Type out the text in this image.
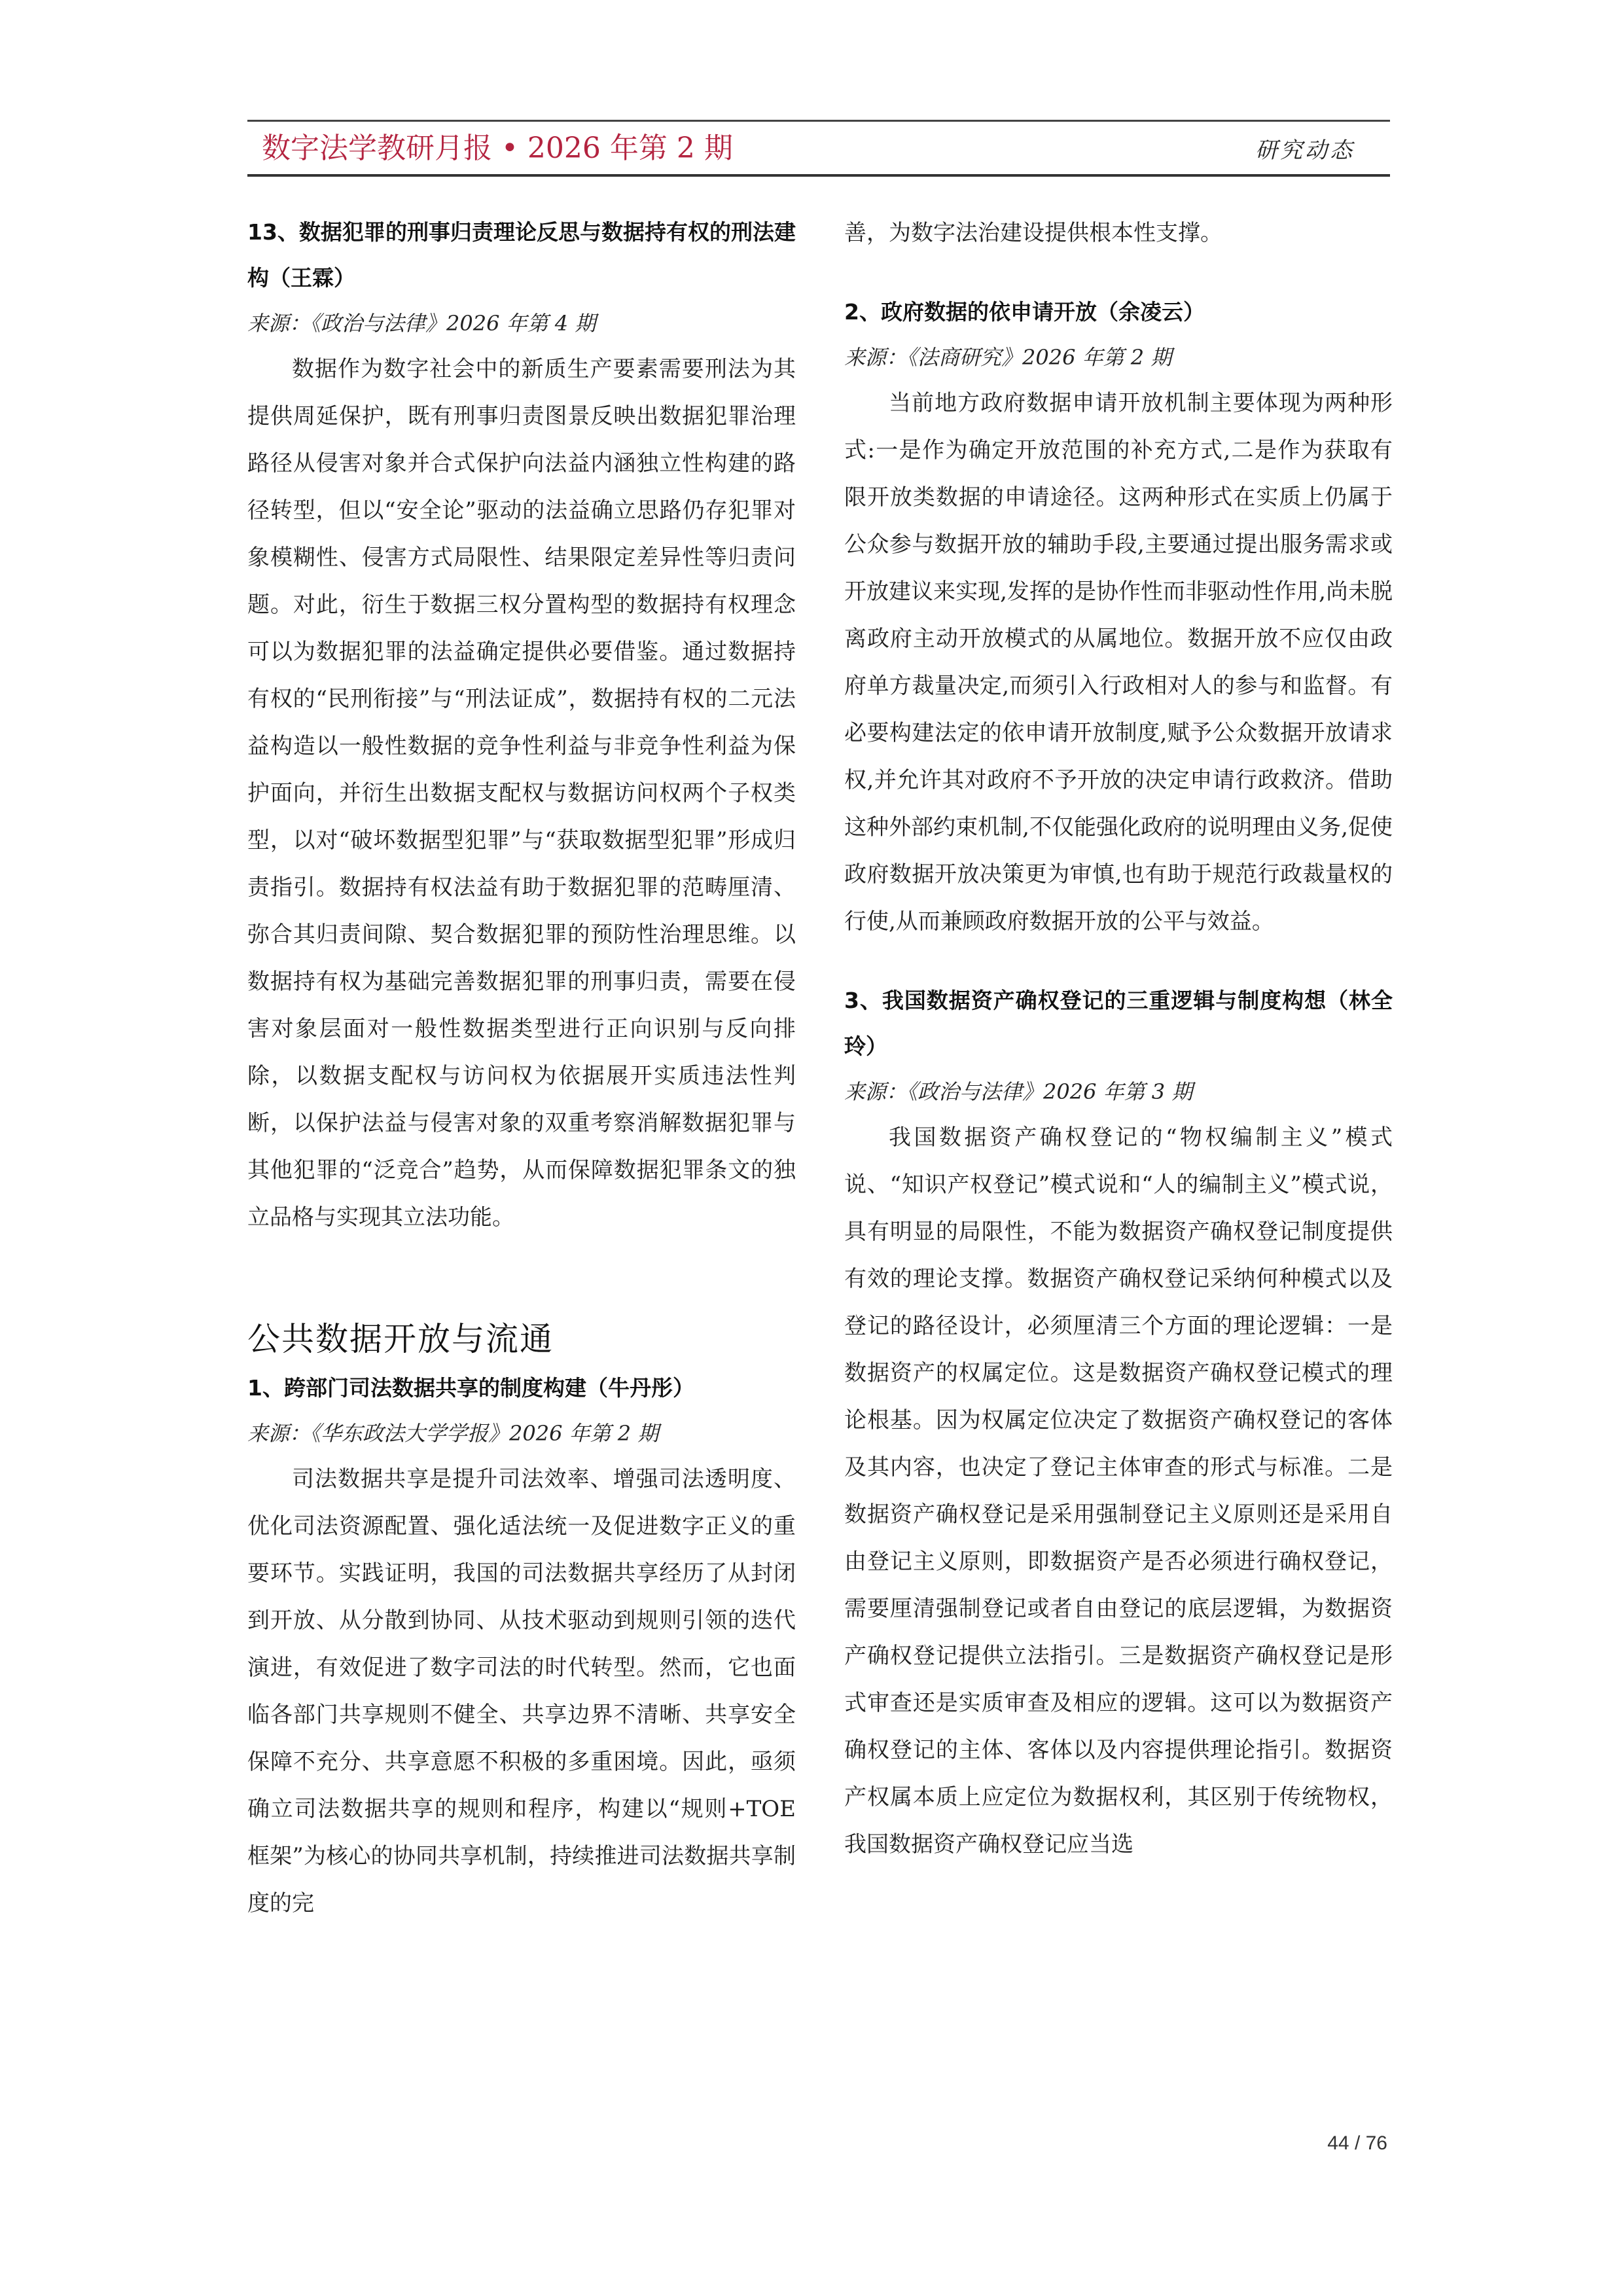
数字法学教研月报 • 2026 年第 2 期	研究动态

13、数据犯罪的刑事归责理论反思与数据持有权的刑法建构（王霖）

来源：《政治与法律》2026 年第 4 期

数据作为数字社会中的新质生产要素需要刑法为其提供周延保护，既有刑事归责图景反映出数据犯罪治理路径从侵害对象并合式保护向法益内涵独立性构建的路径转型，但以“安全论”驱动的法益确立思路仍存犯罪对象模糊性、侵害方式局限性、结果限定差异性等归责问题。对此，衍生于数据三权分置构型的数据持有权理念可以为数据犯罪的法益确定提供必要借鉴。通过数据持有权的“民刑衔接”与“刑法证成”，数据持有权的二元法益构造以一般性数据的竞争性利益与非竞争性利益为保护面向，并衍生出数据支配权与数据访问权两个子权类型，以对“破坏数据型犯罪”与“获取数据型犯罪”形成归责指引。数据持有权法益有助于数据犯罪的范畴厘清、弥合其归责间隙、契合数据犯罪的预防性治理思维。以数据持有权为基础完善数据犯罪的刑事归责，需要在侵害对象层面对一般性数据类型进行正向识别与反向排除，以数据支配权与访问权为依据展开实质违法性判断，以保护法益与侵害对象的双重考察消解数据犯罪与其他犯罪的“泛竞合”趋势，从而保障数据犯罪条文的独立品格与实现其立法功能。

公共数据开放与流通

1、跨部门司法数据共享的制度构建（牛丹彤）

来源：《华东政法大学学报》2026 年第 2 期

司法数据共享是提升司法效率、增强司法透明度、优化司法资源配置、强化适法统一及促进数字正义的重要环节。实践证明，我国的司法数据共享经历了从封闭到开放、从分散到协同、从技术驱动到规则引领的迭代演进，有效促进了数字司法的时代转型。然而，它也面临各部门共享规则不健全、共享边界不清晰、共享安全保障不充分、共享意愿不积极的多重困境。因此，亟须确立司法数据共享的规则和程序，构建以“规则+TOE 框架”为核心的协同共享机制，持续推进司法数据共享制度的完

善，为数字法治建设提供根本性支撑。

2、政府数据的依申请开放（余凌云）

来源：《法商研究》2026 年第 2 期

当前地方政府数据申请开放机制主要体现为两种形式:一是作为确定开放范围的补充方式,二是作为获取有限开放类数据的申请途径。这两种形式在实质上仍属于公众参与数据开放的辅助手段,主要通过提出服务需求或开放建议来实现,发挥的是协作性而非驱动性作用,尚未脱离政府主动开放模式的从属地位。数据开放不应仅由政府单方裁量决定,而须引入行政相对人的参与和监督。有必要构建法定的依申请开放制度,赋予公众数据开放请求权,并允许其对政府不予开放的决定申请行政救济。借助这种外部约束机制,不仅能强化政府的说明理由义务,促使政府数据开放决策更为审慎,也有助于规范行政裁量权的行使,从而兼顾政府数据开放的公平与效益。

3、我国数据资产确权登记的三重逻辑与制度构想（林全玲）

来源：《政治与法律》2026 年第 3 期

我国数据资产确权登记的“物权编制主义”模式说、“知识产权登记”模式说和“人的编制主义”模式说，具有明显的局限性，不能为数据资产确权登记制度提供有效的理论支撑。数据资产确权登记采纳何种模式以及登记的路径设计，必须厘清三个方面的理论逻辑：一是数据资产的权属定位。这是数据资产确权登记模式的理论根基。因为权属定位决定了数据资产确权登记的客体及其内容，也决定了登记主体审查的形式与标准。二是数据资产确权登记是采用强制登记主义原则还是采用自由登记主义原则，即数据资产是否必须进行确权登记，需要厘清强制登记或者自由登记的底层逻辑，为数据资产确权登记提供立法指引。三是数据资产确权登记是形式审查还是实质审查及相应的逻辑。这可以为数据资产确权登记的主体、客体以及内容提供理论指引。数据资产权属本质上应定位为数据权利，其区别于传统物权，我国数据资产确权登记应当选

44 / 76
